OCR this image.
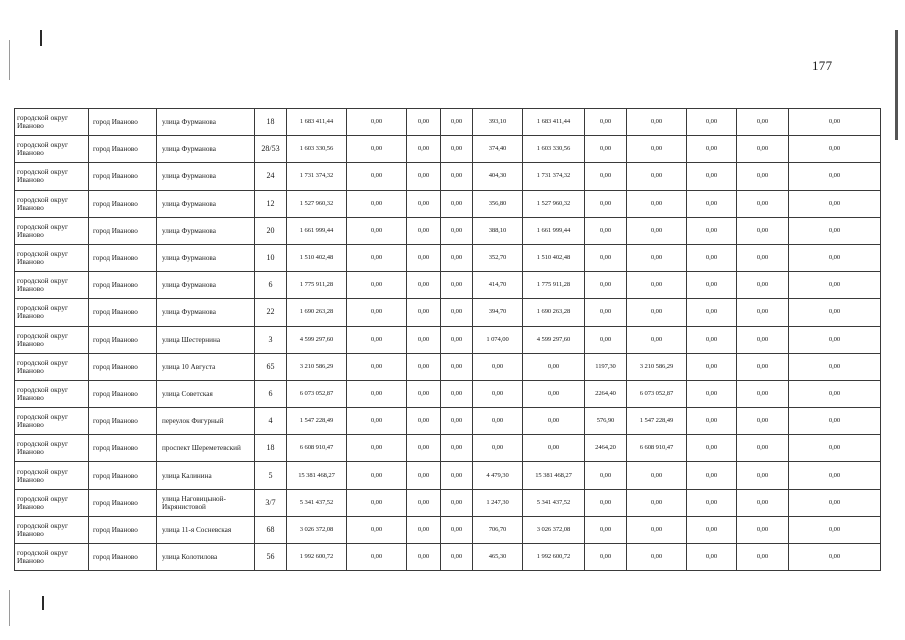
177
городской округ Иваново	город Иваново	улица Фурманова	18	1 683 411,44	0,00	0,00	0,00	393,10	1 683 411,44	0,00	0,00	0,00	0,00	0,00
городской округ Иваново	город Иваново	улица Фурманова	28/53	1 603 330,56	0,00	0,00	0,00	374,40	1 603 330,56	0,00	0,00	0,00	0,00	0,00
городской округ Иваново	город Иваново	улица Фурманова	24	1 731 374,32	0,00	0,00	0,00	404,30	1 731 374,32	0,00	0,00	0,00	0,00	0,00
городской округ Иваново	город Иваново	улица Фурманова	12	1 527 960,32	0,00	0,00	0,00	356,80	1 527 960,32	0,00	0,00	0,00	0,00	0,00
городской округ Иваново	город Иваново	улица Фурманова	20	1 661 999,44	0,00	0,00	0,00	388,10	1 661 999,44	0,00	0,00	0,00	0,00	0,00
городской округ Иваново	город Иваново	улица Фурманова	10	1 510 402,48	0,00	0,00	0,00	352,70	1 510 402,48	0,00	0,00	0,00	0,00	0,00
городской округ Иваново	город Иваново	улица Фурманова	6	1 775 911,28	0,00	0,00	0,00	414,70	1 775 911,28	0,00	0,00	0,00	0,00	0,00
городской округ Иваново	город Иваново	улица Фурманова	22	1 690 263,28	0,00	0,00	0,00	394,70	1 690 263,28	0,00	0,00	0,00	0,00	0,00
городской округ Иваново	город Иваново	улица Шестернина	3	4 599 297,60	0,00	0,00	0,00	1 074,00	4 599 297,60	0,00	0,00	0,00	0,00	0,00
городской округ Иваново	город Иваново	улица 10 Августа	65	3 210 586,29	0,00	0,00	0,00	0,00	0,00	1197,30	3 210 586,29	0,00	0,00	0,00
городской округ Иваново	город Иваново	улица Советская	6	6 073 052,87	0,00	0,00	0,00	0,00	0,00	2264,40	6 073 052,87	0,00	0,00	0,00
городской округ Иваново	город Иваново	переулок Фигурный	4	1 547 228,49	0,00	0,00	0,00	0,00	0,00	576,90	1 547 228,49	0,00	0,00	0,00
городской округ Иваново	город Иваново	проспект Шереметевский	18	6 608 910,47	0,00	0,00	0,00	0,00	0,00	2464,20	6 608 910,47	0,00	0,00	0,00
городской округ Иваново	город Иваново	улица Калинина	5	15 381 468,27	0,00	0,00	0,00	4 479,30	15 381 468,27	0,00	0,00	0,00	0,00	0,00
городской округ Иваново	город Иваново	улица Наговицыной-Икрянистовой	3/7	5 341 437,52	0,00	0,00	0,00	1 247,30	5 341 437,52	0,00	0,00	0,00	0,00	0,00
городской округ Иваново	город Иваново	улица 11-я Сосневская	68	3 026 372,08	0,00	0,00	0,00	706,70	3 026 372,08	0,00	0,00	0,00	0,00	0,00
городской округ Иваново	город Иваново	улица Колотилова	56	1 992 600,72	0,00	0,00	0,00	465,30	1 992 600,72	0,00	0,00	0,00	0,00	0,00
